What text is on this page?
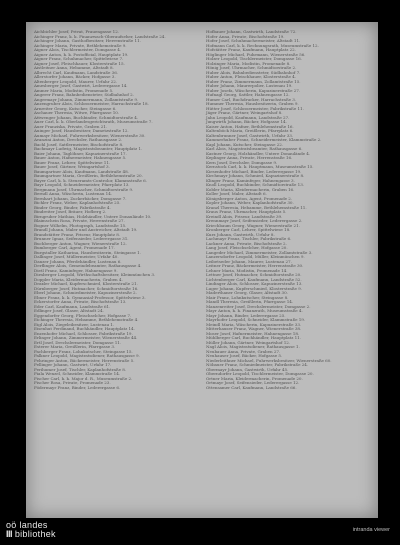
Aichbichler Josef, Privat, Frauengasse 12.
Aichinger Franz, k. k. Finanzwach-Oberaufseher, Landstraße 24.
Aichinger Johann, Gasthofbesitzer, Herrenstraße 11.
Aichinger Maria, Private, Bethlehemstraße 9.
Aigner Alois, Tischlermeister, Domgasse 4.
Aigner Anton, k. k. Postofficial, Hauptplatz 19.
Aigner Franz, Schuhmacher, Spittelwiese 7.
Aigner Josef, Fleischhauer, Klosterstraße 15.
Aistleitner Anna, Hebamme, Altstadt 8.
Albrecht Carl, Kaufmann, Landstraße 36.
Allerstorfer Johann, Bäcker, Hofgasse 3.
Altenberger Leopold, Maurer, Urfahr 22.
Amesberger Josef, Gastwirt, Lederergasse 14.
Ammer Maria, Modistin, Promenade 5.
Angerer Franz, Bahnbediensteter, Südbahnhof 2.
Angermayr Johann, Zimmermann, Zollamtstraße 9.
Anzengruber Alois, Schlossermeister, Harrachstraße 18.
Arnreiter Georg, Kutscher, Steingasse 6.
Aschauer Theresia, Witwe, Pfarrgasse 10.
Attwenger Johann, Buchbinder, Schmidtorstraße 4.
Auer Carl, k. k. Oberlandesgerichtsrath, Museumstraße 7.
Auer Franziska, Private, Graben 21.
Auinger Josef, Hausbesitzer, Dametzstraße 12.
Aumayr Michael, Fuhrwerksbesitzer, Wienerstraße 30.
Avanzini Anton, Drechsler, Rathausgasse 2.
Bachl Josef, Sattlermeister, Bischofstraße 8.
Bachmayr Ludwig, Magistratsbeamter, Hauptplatz 1.
Baier Johann, Taglöhner, Kapuzinerstraße 17.
Bauer Anton, Hafnermeister, Hahnengasse 5.
Bauer Franz, Lehrer, Spittelwiese 11.
Bauer Josef, Gärtner, Weingartshof 3.
Baumgartner Alois, Kaufmann, Landstraße 48.
Baumgartner Maria, Greißlerin, Bethlehemstraße 20.
Bayer Carl, k. k. Steueramts-Controlor, Klammstraße 6.
Bayr Leopold, Schneidermeister, Pfarrplatz 13.
Bergmann Josef, Uhrmacher, Schmidtorstraße 9.
Berndl Anna, Wäscherin, Lustenau 14.
Bernhart Johann, Zuckerbäcker, Domgasse 7.
Bichler Franz, Weber, Kaplanhofstraße 25.
Binder Georg, Binder, Fabrikstraße 4.
Bindreiter Josef, Bräuer, Hofberg 2.
Birngruber Mathias, Holzhändler, Untere Donaulände 10.
Blaimschein Rosa, Private, Herrenstraße 27.
Bogner Wilhelm, Photograph, Landstraße 15.
Brandl Johann, Maler und Anstreicher, Altstadt 19.
Brandstätter Franz, Friseur, Hauptplatz 8.
Brunner Ignaz, Seifensieder, Lederergasse 31.
Buchberger Anton, Wagner, Wienerstraße 12.
Bumberger Carl, Agent, Promenade 17.
Burgstaller Katharina, Hausbesitzerin, Steingasse 1.
Dallinger Josef, Müllermeister, Urfahr 40.
Danzer Johann, Pferdehändler, Lustenau 6.
Derflinger Alois, Gemeindebeamter, Rathausgasse 4.
Dietl Franz, Kaminfeger, Hahnengasse 9.
Dirnberger Leopold, Wirthschaftsbesitzer, Kleinmünchen 3.
Doppler Maria, Kleidermacherin, Graben 4.
Draxler Michael, Kupferschmied, Klosterstraße 21.
Dürnberger Josef, Hutmacher, Schmidtorstraße 16.
Eberl Johann, Schmiedmeister, Kapuzinerstraße 2.
Ebner Franz, k. k. Gymnasial-Professor, Spittelwiese 3.
Eckerstorfer Anna, Private, Bischofstraße 13.
Eder Carl, Kaufmann, Landstraße 61.
Edlinger Josef, Glaser, Altstadt 24.
Eggendorfer Georg, Fleischselcher, Hofgasse 7.
Eichinger Theresia, Hebamme, Bethlehemstraße 4.
Eigl Alois, Ziegeleibesitzer, Lustenau 1.
Eisenhut Ferdinand, Buchhändler, Hauptplatz 14.
Enzenhofer Michael, Schlosser, Fabrikstraße 19.
Erlinger Johann, Zimmermeister, Wienerstraße 44.
Ertl Josef, Drechslermeister, Domgasse 11.
Esterer Maria, Greißlerin, Pfarrgasse 3.
Fachberger Franz, Lohnkutscher, Steingasse 15.
Falkner Leopold, Magistratsdiener, Rathausgasse 9.
Fehringer Anton, Bäckermeister, Herrenstraße 5.
Fellinger Johann, Gastwirt, Urfahr 17.
Ferihumer Josef, Tischler, Kaplanhofstraße 8.
Fiala Wenzel, Schneider, Klammstraße 14.
Fischer Carl, k. k. Major d. R., Museumstraße 2.
Fischer Rosa, Private, Promenade 23.
Födermayr Franz, Binder, Lederergasse 6.
Hofbauer Johann, Gastwirth, Landstraße 72.
Hofer Anna, Private, Bischofstraße 19.
Hofer Josef, Schuhmachermeister, Altstadt 11.
Hofmann Carl, k. k. Rechnungsrath, Museumstraße 12.
Hofstätter Franz, Kaufmann, Hauptplatz 22.
Höglinger Michael, Fuhrmann, Wienerstraße 56.
Holzer Leopold, Tischlermeister, Domgasse 16.
Holzinger Maria, Modistin, Promenade 8.
Hönig Josef, Uhrmacher, Schmidtorstraße 2.
Huber Alois, Bahnbediensteter, Südbahnhof 7.
Huber Anton, Fleischhauer, Klosterstraße 4.
Huber Franz, Zimmermann, Zollamtstraße 15.
Huber Johann, Maurerpolier, Lustenau 19.
Huber Josefa, Wäscherin, Kapuzinerstraße 27.
Hufnagl Georg, Sattler, Hahnengasse 12.
Humer Carl, Buchdrucker, Harrachstraße 3.
Hummer Theresia, Hausbesitzerin, Graben 9.
Hütter Josef, Schlossermeister, Fabrikstraße 11.
Jäger Franz, Gärtner, Weingartshof 8.
Jahn Leopold, Kaufmann, Landstraße 27.
Jungwirth Johann, Bäcker, Hofgasse 14.
Kaiser Anton, Hafner, Bethlehemstraße 16.
Kaltenböck Maria, Greißlerin, Pfarrplatz 6.
Kaltenbrunner Josef, Gastwirth, Urfahr 33.
Kammerhuber Franz, Schneidermeister, Klammstraße 2.
Kapl Johann, Kutscher, Steingasse 22.
Karl Alois, Magistratsbeamter, Rathausgasse 6.
Kastner Georg, Holzhändler, Untere Donaulände 4.
Keplinger Anna, Private, Herrenstraße 16.
Kern Josef, Drechsler, Domgasse 9.
Kernstock Carl, k. k. Hauptmann, Museumstraße 15.
Kiesenhofer Michael, Binder, Lederergasse 19.
Kirchmayr Johann, Schmied, Kapuzinerstraße 8.
Klinger Franz, Kaminfeger, Hahnengasse 3.
Knoll Leopold, Buchbinder, Schmidtorstraße 13.
Kobler Maria, Kleidermacherin, Graben 16.
Koller Josef, Maler, Altstadt 6.
Königsberger Anton, Agent, Promenade 2.
Kopler Johann, Weber, Kaplanhofstraße 30.
Kranzl Theresia, Hebamme, Bethlehemstraße 11.
Kraus Franz, Uhrmacher, Hauptplatz 5.
Kreindl Alois, Friseur, Landstraße 39.
Krennmayr Josef, Seifensieder, Lederergasse 2.
Kriechbaum Georg, Wagner, Wienerstraße 21.
Kronberger Carl, Lehrer, Spittelwiese 18.
Kurz Johann, Gastwirth, Urfahr 8.
Lachmayr Franz, Tischler, Fabrikstraße 6.
Lackner Anna, Private, Bischofstraße 2.
Lang Josef, Fleischselcher, Hofgasse 20.
Langeder Michael, Zimmermeister, Zollamtstraße 3.
Lanzersdorfer Leopold, Müller, Kleinmünchen 9.
Leibetseder Johann, Maurer, Lustenau 27.
Leitner Franz, Bäckermeister, Herrenstraße 30.
Lehner Maria, Modistin, Promenade 14.
Lettner Josef, Hutmacher, Schmidtorstraße 20.
Lichtenberger Carl, Kaufmann, Landstraße 52.
Lindinger Alois, Schlosser, Kapuzinerstraße 13.
Luger Johann, Kupferschmied, Klosterstraße 9.
Maderthaner Georg, Glaser, Altstadt 30.
Mair Franz, Lohnkutscher, Steingasse 8.
Mandl Theresia, Greißlerin, Pfarrgasse 14.
Manzenreiter Josef, Drechslermeister, Domgasse 2.
Mayr Anton, k. k. Finanzrath, Museumstraße 4.
Mayr Johann, Binder, Lederergasse 25.
Mayrhofer Leopold, Schneider, Klammstraße 19.
Meindl Maria, Wäscherin, Kapuzinerstraße 33.
Mitterhauser Franz, Wagner, Wienerstraße 38.
Moser Josef, Hafnermeister, Hahnengasse 18.
Mühlberger Carl, Buchhändler, Hauptplatz 11.
Müller Johann, Gärtner, Weingartshof 12.
Nagl Alois, Magistratsdiener, Rathausgasse 1.
Neubauer Anna, Private, Graben 27.
Neuhauser Josef, Bäcker, Hofgasse 5.
Niederleithner Michael, Fuhrwerksbesitzer, Wienerstraße 60.
Nöbauer Franz, Schmiedmeister, Fabrikstraße 24.
Obermayr Johann, Gastwirth, Urfahr 45.
Oberndorfer Leopold, Tischlermeister, Domgasse 20.
Ortner Maria, Kleidermacherin, Promenade 20.
Ortmayr Josef, Seifensieder, Lederergasse 12.
Ottensamer Carl, Kaufmann, Landstraße 66.
oö landes
III bibliothek	intranda viewer
